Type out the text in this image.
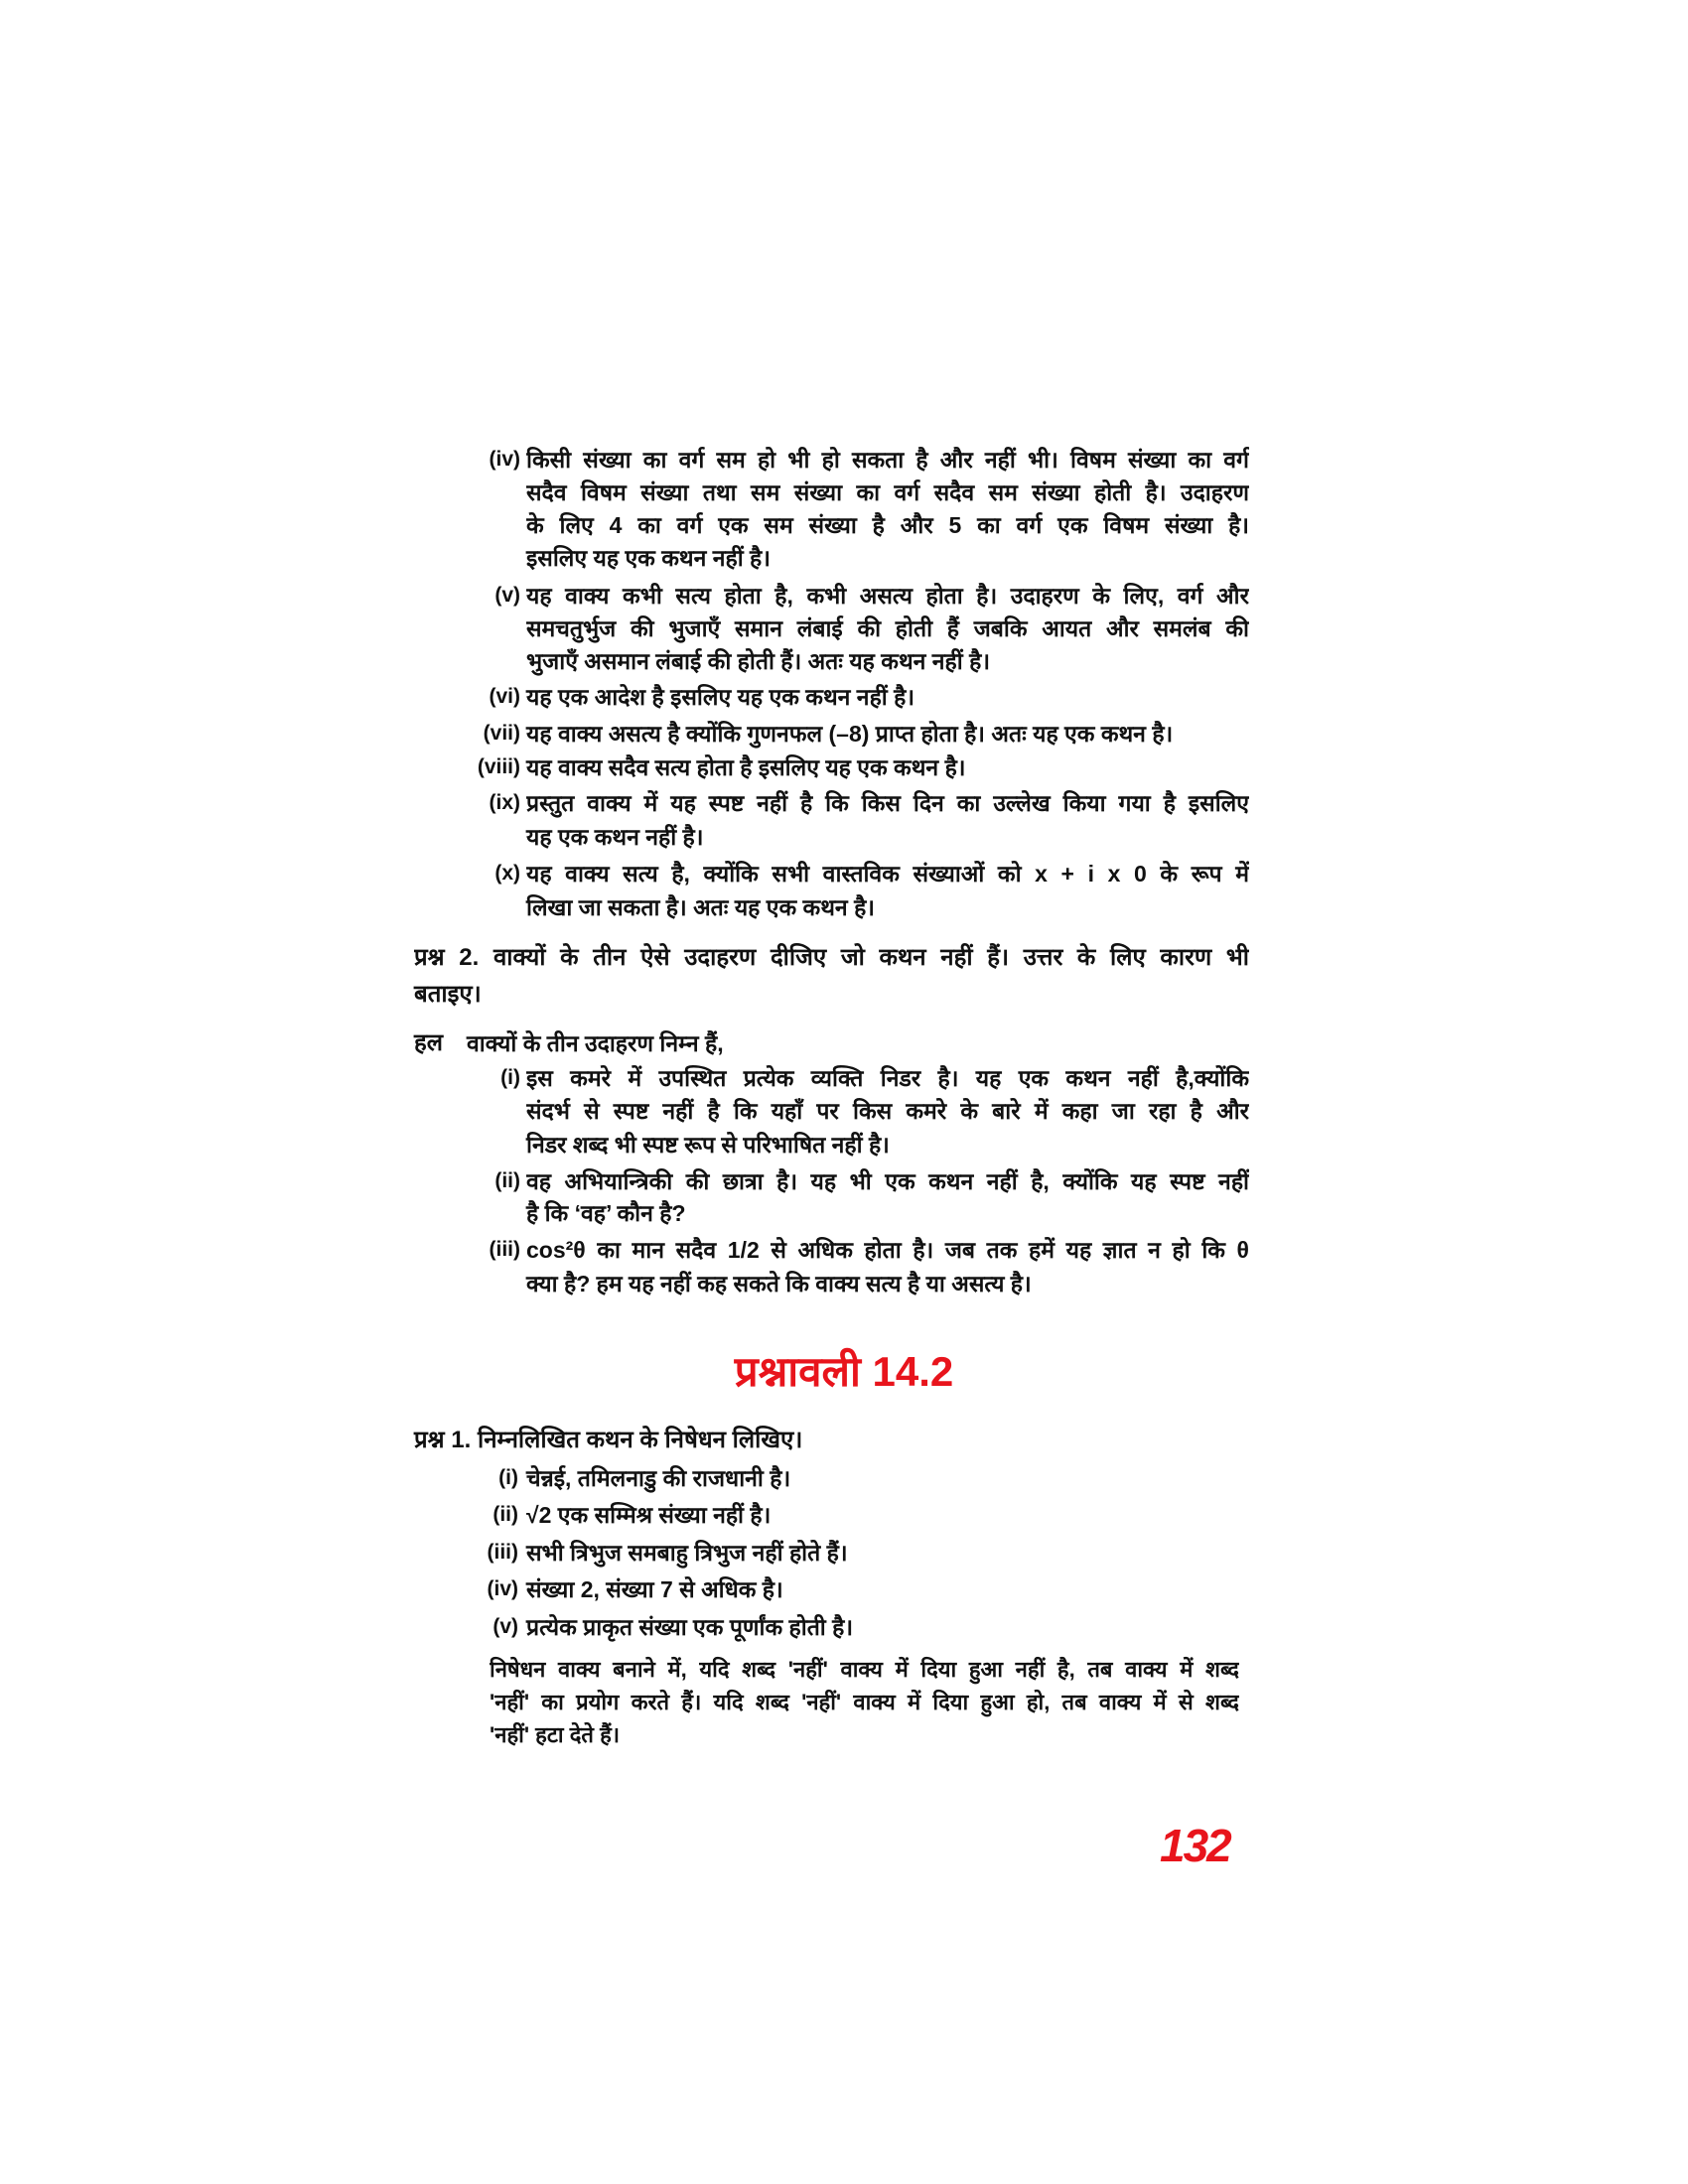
(iv) किसी संख्या का वर्ग सम हो भी हो सकता है और नहीं भी। विषम संख्या का वर्ग
सदैव विषम संख्या तथा सम संख्या का वर्ग सदैव सम संख्या होती है। उदाहरण
के लिए 4 का वर्ग एक सम संख्या है और 5 का वर्ग एक विषम संख्या है।
इसलिए यह एक कथन नहीं है।
(v) यह वाक्य कभी सत्य होता है, कभी असत्य होता है। उदाहरण के लिए, वर्ग और
समचतुर्भुज की भुजाएँ समान लंबाई की होती हैं जबकि आयत और समलंब की
भुजाएँ असमान लंबाई की होती हैं। अतः यह कथन नहीं है।
(vi) यह एक आदेश है इसलिए यह एक कथन नहीं है।
(vii) यह वाक्य असत्य है क्योंकि गुणनफल (–8) प्राप्त होता है। अतः यह एक कथन है।
(viii) यह वाक्य सदैव सत्य होता है इसलिए यह एक कथन है।
(ix) प्रस्तुत वाक्य में यह स्पष्ट नहीं है कि किस दिन का उल्लेख किया गया है इसलिए
यह एक कथन नहीं है।
(x) यह वाक्य सत्य है, क्योंकि सभी वास्तविक संख्याओं को x + i x 0 के रूप में
लिखा जा सकता है। अतः यह एक कथन है।
प्रश्न 2. वाक्यों के तीन ऐसे उदाहरण दीजिए जो कथन नहीं हैं। उत्तर के लिए कारण भी
बताइए।
हल वाक्यों के तीन उदाहरण निम्न हैं,
(i) इस कमरे में उपस्थित प्रत्येक व्यक्ति निडर है। यह एक कथन नहीं है,क्योंकि
संदर्भ से स्पष्ट नहीं है कि यहाँ पर किस कमरे के बारे में कहा जा रहा है और
निडर शब्द भी स्पष्ट रूप से परिभाषित नहीं है।
(ii) वह अभियान्त्रिकी की छात्रा है। यह भी एक कथन नहीं है, क्योंकि यह स्पष्ट नहीं
है कि ‘वह’ कौन है?
(iii) cos²θ का मान सदैव 1/2 से अधिक होता है। जब तक हमें यह ज्ञात न हो कि θ
क्या है? हम यह नहीं कह सकते कि वाक्य सत्य है या असत्य है।
प्रश्नावली 14.2
प्रश्न 1. निम्नलिखित कथन के निषेधन लिखिए।
(i) चेन्नई, तमिलनाडु की राजधानी है।
(ii) √2 एक सम्मिश्र संख्या नहीं है।
(iii) सभी त्रिभुज समबाहु त्रिभुज नहीं होते हैं।
(iv) संख्या 2, संख्या 7 से अधिक है।
(v) प्रत्येक प्राकृत संख्या एक पूर्णांक होती है।
निषेधन वाक्य बनाने में, यदि शब्द 'नहीं' वाक्य में दिया हुआ नहीं है, तब वाक्य में शब्द
'नहीं' का प्रयोग करते हैं। यदि शब्द 'नहीं' वाक्य में दिया हुआ हो, तब वाक्य में से शब्द
'नहीं' हटा देते हैं।
132
